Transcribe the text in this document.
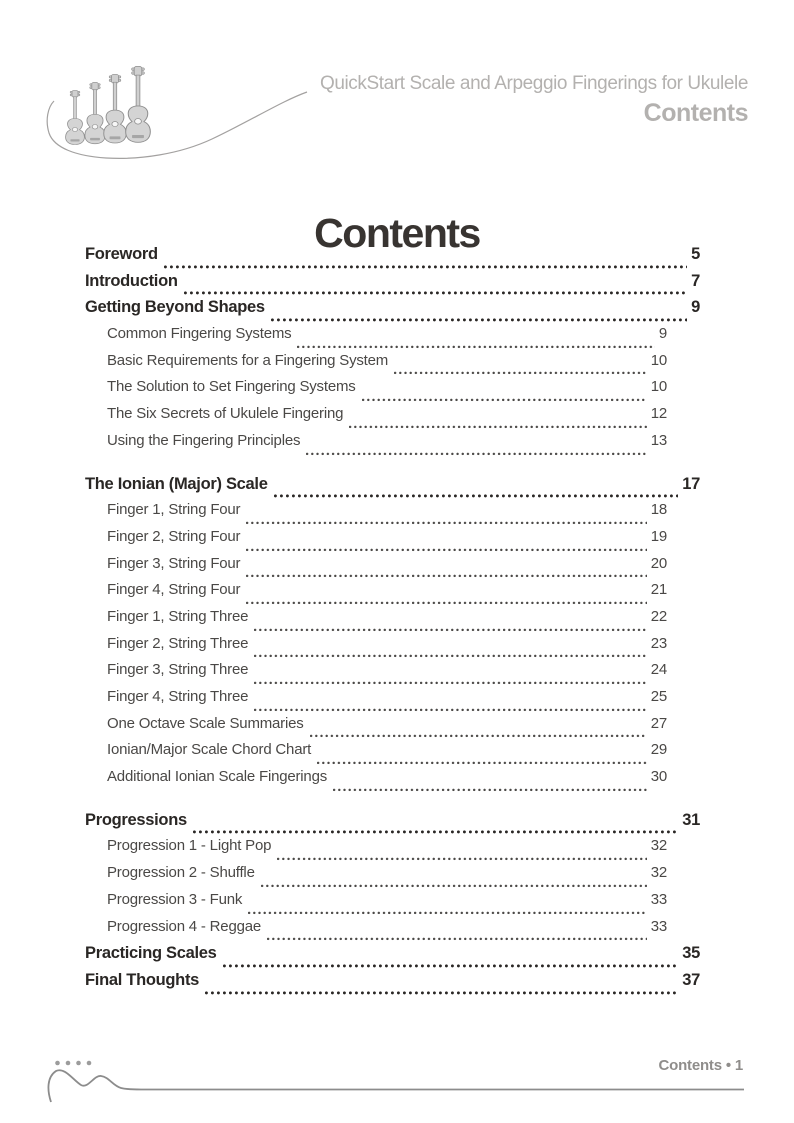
QuickStart Scale and Arpeggio Fingerings for Ukulele
Contents
Contents
Foreword	5
Introduction	7
Getting Beyond Shapes	9
Common Fingering Systems	9
Basic Requirements for a Fingering System	10
The Solution to Set Fingering Systems	10
The Six Secrets of Ukulele Fingering	12
Using the Fingering Principles	13
The Ionian (Major) Scale	17
Finger 1, String Four	18
Finger 2, String Four	19
Finger 3, String Four	20
Finger 4, String Four	21
Finger 1, String Three	22
Finger 2, String Three	23
Finger 3, String Three	24
Finger 4, String Three	25
One Octave Scale Summaries	27
Ionian/Major Scale Chord Chart	29
Additional Ionian Scale Fingerings	30
Progressions	31
Progression 1 - Light Pop	32
Progression 2 - Shuffle	32
Progression 3 - Funk	33
Progression 4 - Reggae	33
Practicing Scales	35
Final Thoughts	37
Contents • 1
